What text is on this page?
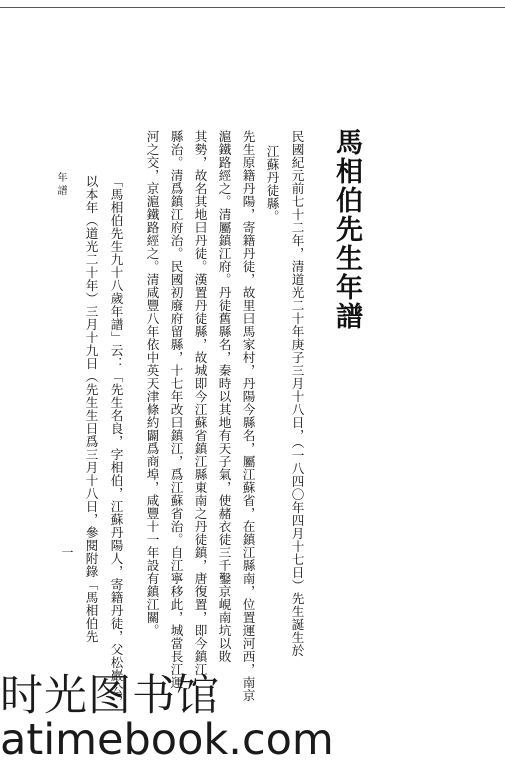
馬相伯先生年譜
民國紀元前七十二年，清道光二十年庚子三月十八日，（一八四〇年四月十七日）先生誕生於
江蘇丹徒縣。
先生原籍丹陽，寄籍丹徒，故里曰馬家村，丹陽今縣名，屬江蘇省，在鎮江縣南，位置運河西，南京
滬鐵路經之。清屬鎮江府。丹徒舊縣名，秦時以其地有天子氣，使赭衣徒三千鑿京峴南坑以敗
其勢，故名其地曰丹徒。漢置丹徒縣，故城即今江蘇省鎮江縣東南之丹徒鎮，唐復置，即今鎮江
縣治。清爲鎮江府治。民國初廢府留縣，十七年改曰鎮江，爲江蘇省治。自江寧移此，城當長江運
河之交，京滬鐵路經之。清咸豐八年依中英天津條約闢爲商埠，咸豐十一年設有鎮江關。
「馬相伯先生九十八歲年譜」云：「先生名良，字相伯，江蘇丹陽人，寄籍丹徒，父松巖公，
以本年（道光二十年）三月十九日（先生生日爲三月十八日，參閱附錄「馬相伯先
年譜
一
时光图书馆
atimebook.com
